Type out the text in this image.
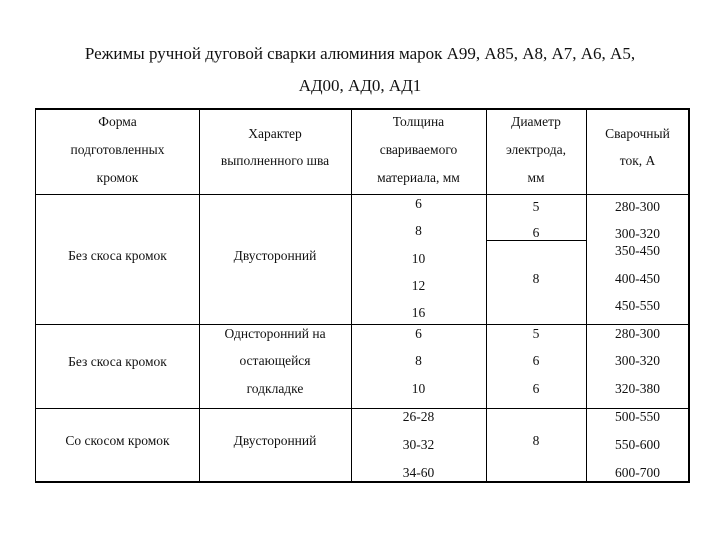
Режимы ручной дуговой сварки алюминия марок А99, А85, А8, А7, А6, А5,
АД00, АД0, АД1
Форма
подготовленных
кромок
Характер
выполненного шва
Толщина
свариваемого
материала, мм
Диаметр
электрода,
мм
Сварочный
ток, А
Без скоса кромок	Двусторонний
6
8
10
12
16
5
6
8
280-300
300-320
350-450
400-450
450-550
Без скоса кромок
Однсторонний на
остающейся
годкладке
6
8
10
5
6
6
280-300
300-320
320-380
Со скосом кромок	Двусторонний
26-28
30-32
34-60
8
500-550
550-600
600-700
